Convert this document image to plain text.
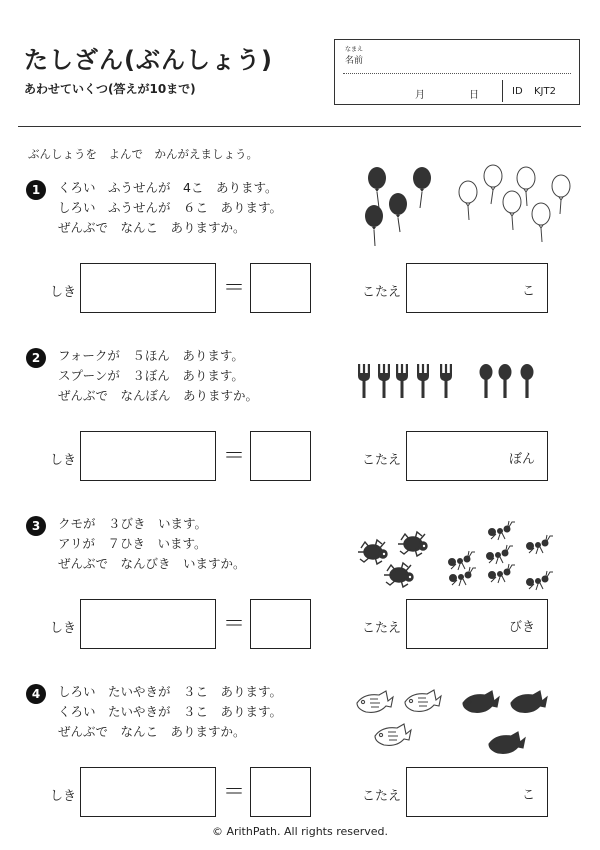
たしざん(ぶんしょう)
あわせていくつ(答えが10まで)
なまえ
名前
月	日	ID KJT2
ぶんしょうを　よんで　かんがえましょう。
1	くろい　ふうせんが　4こ　あります。
しろい　ふうせんが　６こ　あります。
ぜんぶで　なんこ　ありますか。
しき	＝	こたえ	こ
2	フォークが　５ほん　あります。
スプーンが　３ぼん　あります。
ぜんぶで　なんぼん　ありますか。
しき	＝	こたえ	ぼん
3	クモが　３びき　います。
アリが　７ひき　います。
ぜんぶで　なんびき　いますか。
しき	＝	こたえ	びき
4	しろい　たいやきが　３こ　あります。
くろい　たいやきが　３こ　あります。
ぜんぶで　なんこ　ありますか。
しき	＝	こたえ	こ
© ArithPath. All rights reserved.
